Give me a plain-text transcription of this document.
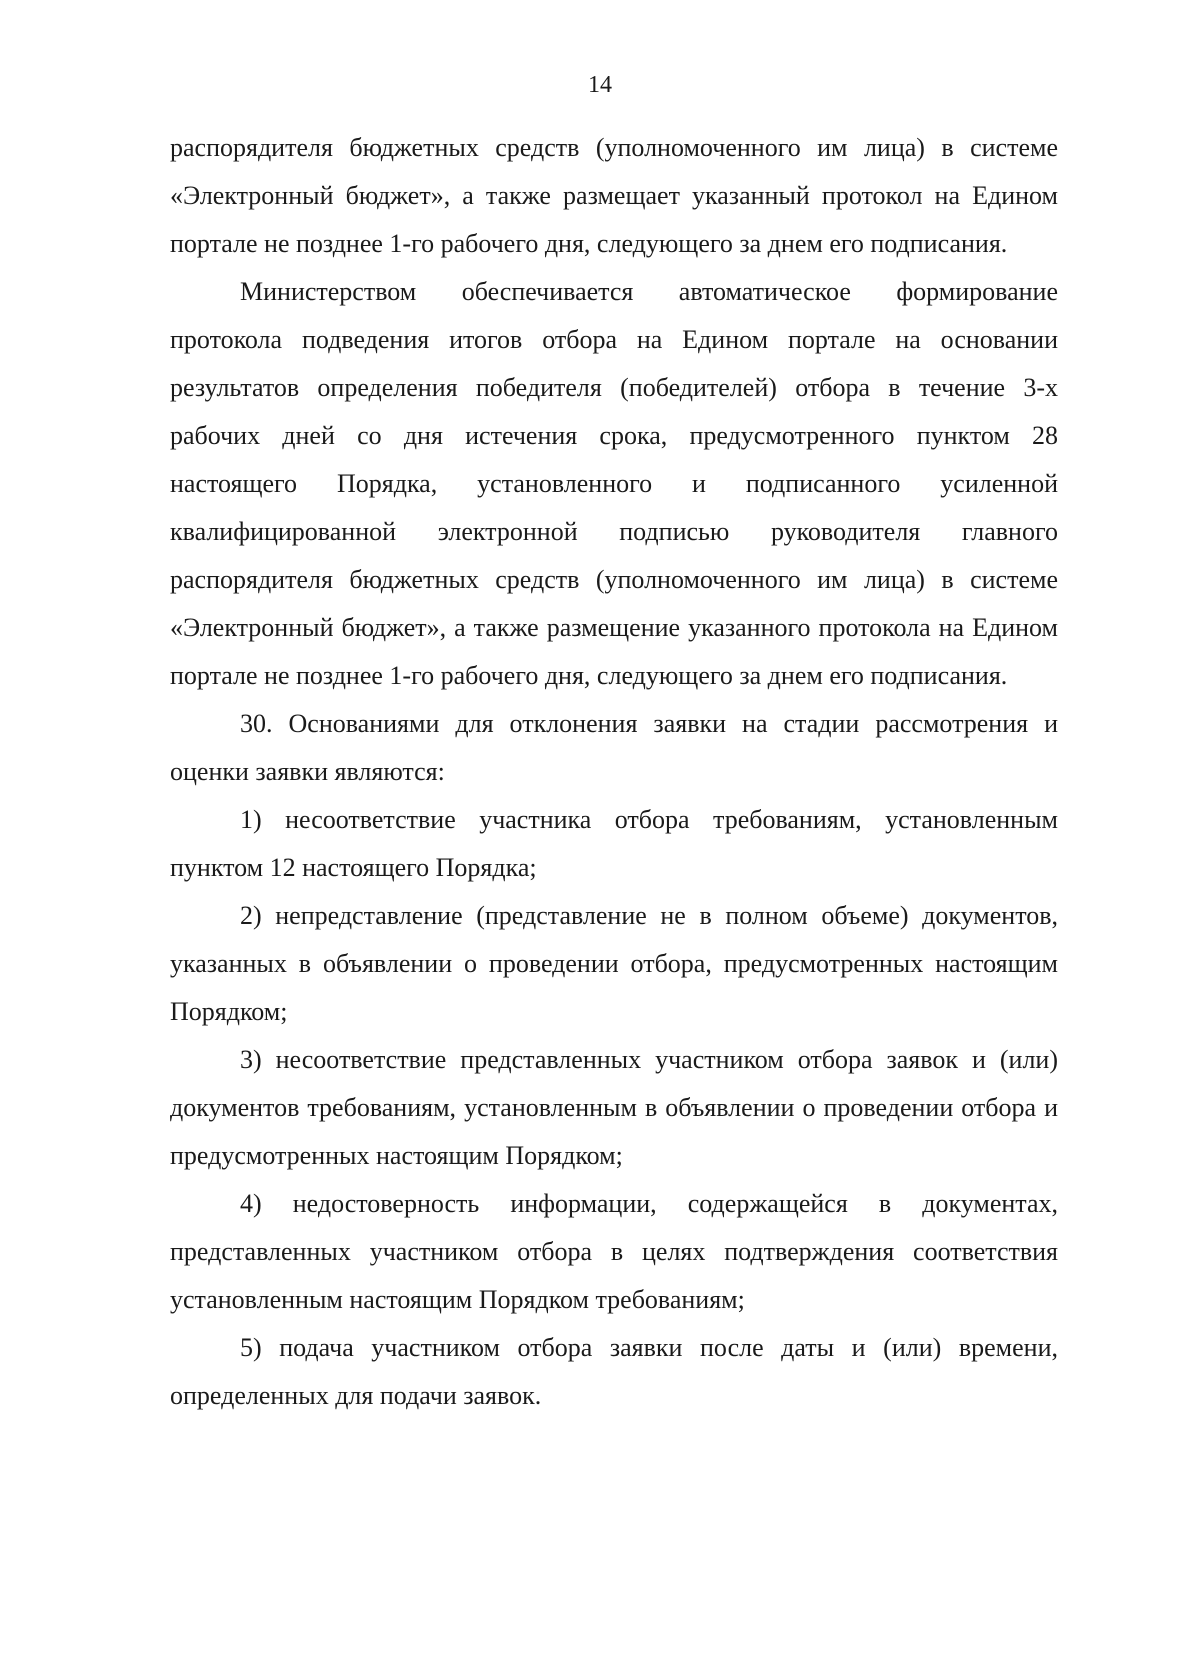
14

распорядителя бюджетных средств (уполномоченного им лица) в системе «Электронный бюджет», а также размещает указанный протокол на Едином портале не позднее 1-го рабочего дня, следующего за днем его подписания.

Министерством обеспечивается автоматическое формирование протокола подведения итогов отбора на Едином портале на основании результатов определения победителя (победителей) отбора в течение 3-х рабочих дней со дня истечения срока, предусмотренного пунктом 28 настоящего Порядка, установленного и подписанного усиленной квалифицированной электронной подписью руководителя главного распорядителя бюджетных средств (уполномоченного им лица) в системе «Электронный бюджет», а также размещение указанного протокола на Едином портале не позднее 1-го рабочего дня, следующего за днем его подписания.

30. Основаниями для отклонения заявки на стадии рассмотрения и оценки заявки являются:

1) несоответствие участника отбора требованиям, установленным пунктом 12 настоящего Порядка;

2) непредставление (представление не в полном объеме) документов, указанных в объявлении о проведении отбора, предусмотренных настоящим Порядком;

3) несоответствие представленных участником отбора заявок и (или) документов требованиям, установленным в объявлении о проведении отбора и предусмотренных настоящим Порядком;

4) недостоверность информации, содержащейся в документах, представленных участником отбора в целях подтверждения соответствия установленным настоящим Порядком требованиям;

5) подача участником отбора заявки после даты и (или) времени, определенных для подачи заявок.
